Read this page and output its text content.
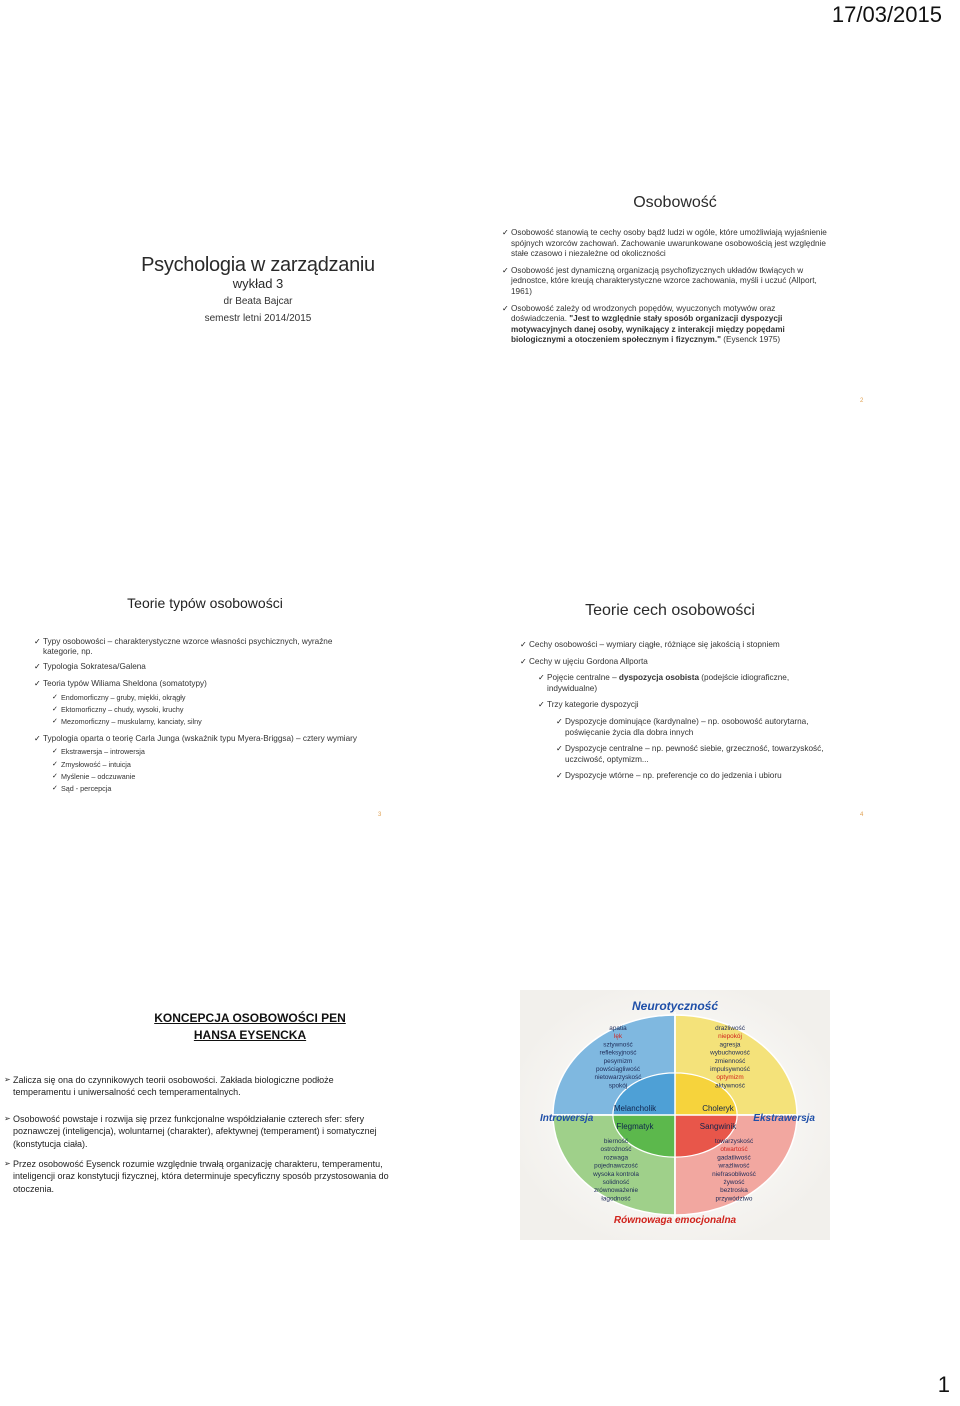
17/03/2015
1
Psychologia w zarządzaniu
wykład 3
dr Beata Bajcar
semestr letni 2014/2015
Osobowość
✓ Osobowość stanowią te cechy osoby bądź ludzi w ogóle, które umożliwiają wyjaśnienie spójnych wzorców zachowań. Zachowanie uwarunkowane osobowością jest względnie stałe czasowo i niezależne od okoliczności
✓ Osobowość jest dynamiczną organizacją psychofizycznych układów tkwiących w jednostce, które kreują charakterystyczne wzorce zachowania, myśli i uczuć (Allport, 1961)
✓ Osobowość zależy od wrodzonych popędów, wyuczonych motywów oraz doświadczenia. "Jest to względnie stały sposób organizacji dyspozycji motywacyjnych danej osoby, wynikający z interakcji między popędami biologicznymi a otoczeniem społecznym i fizycznym." (Eysenck 1975)
2
Teorie typów osobowości
✓ Typy osobowości – charakterystyczne wzorce własności psychicznych, wyraźne kategorie, np.
✓ Typologia Sokratesa/Galena
✓ Teoria typów Wiliama Sheldona (somatotypy)
✓ Endomorficzny – gruby, miękki, okrągły
✓ Ektomorficzny – chudy, wysoki, kruchy
✓ Mezomorficzny – muskularny, kanciaty, silny
✓ Typologia oparta o teorię Carla Junga (wskaźnik typu Myera-Briggsa) – cztery wymiary
✓ Ekstrawersja – introwersja
✓ Zmysłowość – intuicja
✓ Myślenie – odczuwanie
✓ Sąd - percepcja
3
Teorie cech osobowości
✓ Cechy osobowości – wymiary ciągłe, różniące się jakością i stopniem
✓ Cechy w ujęciu Gordona Allporta
✓ Pojęcie centralne – dyspozycja osobista (podejście idiograficzne, indywidualne)
✓ Trzy kategorie dyspozycji
✓ Dyspozycje dominujące (kardynalne) – np. osobowość autorytarna, poświęcanie życia dla dobra innych
✓ Dyspozycje centralne – np. pewność siebie, grzeczność, towarzyskość, uczciwość, optymizm...
✓ Dyspozycje wtórne – np. preferencje co do jedzenia i ubioru
4
KONCEPCJA OSOBOWOŚCI PEN
HANSA EYSENCKA
➢ Zalicza się ona do czynnikowych teorii osobowości. Zakłada biologiczne podłoże temperamentu i uniwersalność cech temperamentalnych.
➢ Osobowość powstaje i rozwija się przez funkcjonalne współdziałanie czterech sfer: sfery poznawczej (inteligencja), woluntarnej (charakter), afektywnej (temperament) i somatycznej (konstytucja ciała).
➢ Przez osobowość Eysenck rozumie względnie trwałą organizację charakteru, temperamentu, inteligencji oraz konstytucji fizycznej, która determinuje specyficzny sposób przystosowania do otoczenia.
Neurotyczność
Równowaga emocjonalna
Introwersja	Ekstrawersja
Melancholik	Choleryk
Flegmatyk	Sangwinik
apatia
lęk
sztywność
refleksyjność
pesymizm
powściągliwość
nietowarzyskość
spokój
drażliwość
niepokój
agresja
wybuchowość
zmienność
impulsywność
optymizm
aktywność
bierność
ostrożność
rozwaga
pojednawczość
wysoka kontrola
solidność
zrównoważenie
łagodność
towarzyskość
otwartość
gadatliwość
wrażliwość
niefrasobliwość
żywość
beztroska
przywództwo
